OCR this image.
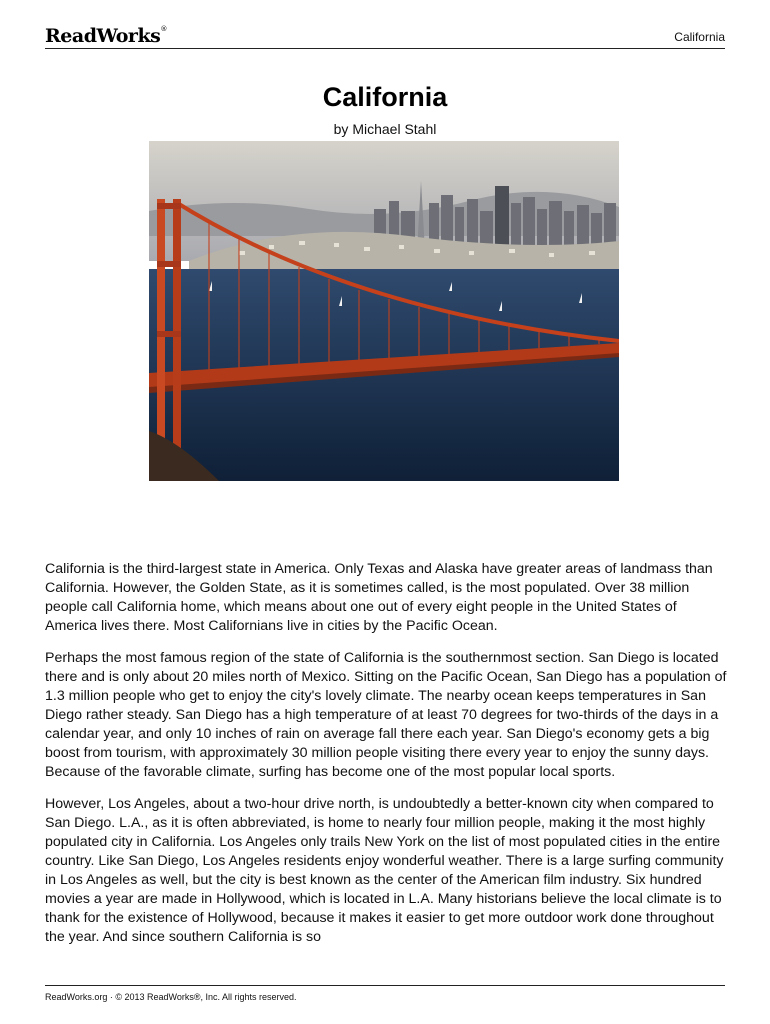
ReadWorks®
California
California
by Michael Stahl

California is the third-largest state in America. Only Texas and Alaska have greater areas of landmass than California. However, the Golden State, as it is sometimes called, is the most populated. Over 38 million people call California home, which means about one out of every eight people in the United States of America lives there. Most Californians live in cities by the Pacific Ocean.

Perhaps the most famous region of the state of California is the southernmost section. San Diego is located there and is only about 20 miles north of Mexico. Sitting on the Pacific Ocean, San Diego has a population of 1.3 million people who get to enjoy the city's lovely climate. The nearby ocean keeps temperatures in San Diego rather steady. San Diego has a high temperature of at least 70 degrees for two-thirds of the days in a calendar year, and only 10 inches of rain on average fall there each year. San Diego's economy gets a big boost from tourism, with approximately 30 million people visiting there every year to enjoy the sunny days. Because of the favorable climate, surfing has become one of the most popular local sports.

However, Los Angeles, about a two-hour drive north, is undoubtedly a better-known city when compared to San Diego. L.A., as it is often abbreviated, is home to nearly four million people, making it the most highly populated city in California. Los Angeles only trails New York on the list of most populated cities in the entire country. Like San Diego, Los Angeles residents enjoy wonderful weather. There is a large surfing community in Los Angeles as well, but the city is best known as the center of the American film industry. Six hundred movies a year are made in Hollywood, which is located in L.A. Many historians believe the local climate is to thank for the existence of Hollywood, because it makes it easier to get more outdoor work done throughout the year. And since southern California is so

ReadWorks.org · © 2013 ReadWorks®, Inc. All rights reserved.
